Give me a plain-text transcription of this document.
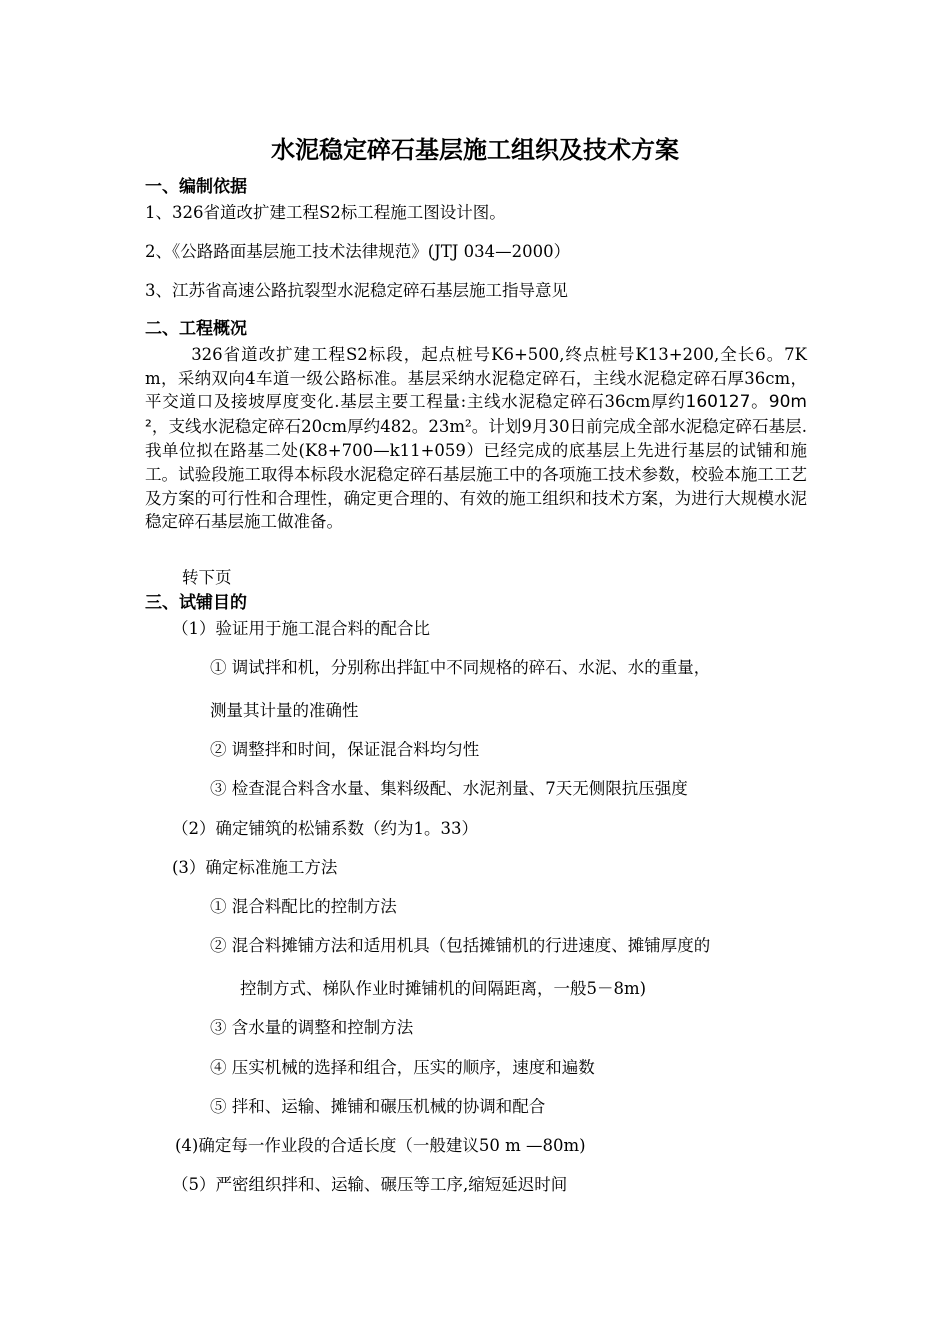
水泥稳定碎石基层施工组织及技术方案
一、编制依据
1、326省道改扩建工程S2标工程施工图设计图。
2、《公路路面基层施工技术法律规范》(JTJ 034—2000）
3、江苏省高速公路抗裂型水泥稳定碎石基层施工指导意见
二、工程概况
326省道改扩建工程S2标段，起点桩号K6+500,终点桩号K13+200,全长6。7Km，采纳双向4车道一级公路标准。基层采纳水泥稳定碎石，主线水泥稳定碎石厚36cm，平交道口及接坡厚度变化.基层主要工程量:主线水泥稳定碎石36cm厚约160127。90m²，支线水泥稳定碎石20cm厚约482。23m²。计划9月30日前完成全部水泥稳定碎石基层.我单位拟在路基二处(K8+700—k11+059）已经完成的底基层上先进行基层的试铺和施工。试验段施工取得本标段水泥稳定碎石基层施工中的各项施工技术参数，校验本施工工艺及方案的可行性和合理性，确定更合理的、有效的施工组织和技术方案，为进行大规模水泥稳定碎石基层施工做准备。
转下页
三、试铺目的
（1）验证用于施工混合料的配合比
① 调试拌和机，分别称出拌缸中不同规格的碎石、水泥、水的重量，
测量其计量的准确性
② 调整拌和时间，保证混合料均匀性
③ 检查混合料含水量、集料级配、水泥剂量、7天无侧限抗压强度
（2）确定铺筑的松铺系数（约为1。33）
(3）确定标准施工方法
① 混合料配比的控制方法
② 混合料摊铺方法和适用机具（包括摊铺机的行进速度、摊铺厚度的
控制方式、梯队作业时摊铺机的间隔距离，一般5－8m)
③ 含水量的调整和控制方法
④ 压实机械的选择和组合，压实的顺序，速度和遍数
⑤ 拌和、运输、摊铺和碾压机械的协调和配合
(4)确定每一作业段的合适长度（一般建议50 m —80m)
（5）严密组织拌和、运输、碾压等工序,缩短延迟时间
